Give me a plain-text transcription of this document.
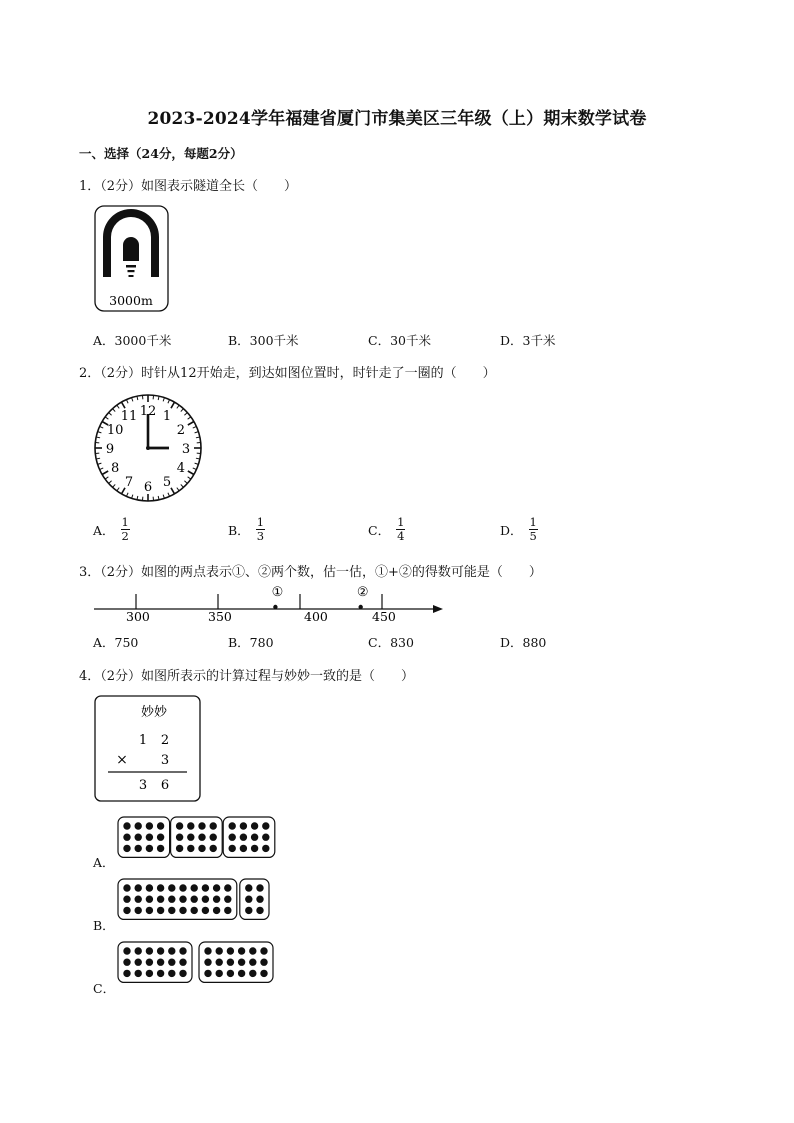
2023-2024学年福建省厦门市集美区三年级（上）期末数学试卷
一、选择（24分，每题2分）
1．（2分）如图表示隧道全长（　　）
3000m
A．3000千米	B．300千米	C．30千米	D．3千米
2．（2分）时针从12开始走，到达如图位置时，时针走了一圈的（　　）
12 1
2
3
4
5
6
7
8
9
10
11
A． $\frac{1}{2}$	B． $\frac{1}{3}$	C． $\frac{1}{4}$	D． $\frac{1}{5}$
3．（2分）如图的两点表示①、②两个数，估一估，①+②的得数可能是（　　）
300	350	400	450
①	②
A．750	B．780	C．830	D．880
4．（2分）如图所表示的计算过程与妙妙一致的是（　　）
妙妙
1 2
×	3
3 6
A．
B．
C．
